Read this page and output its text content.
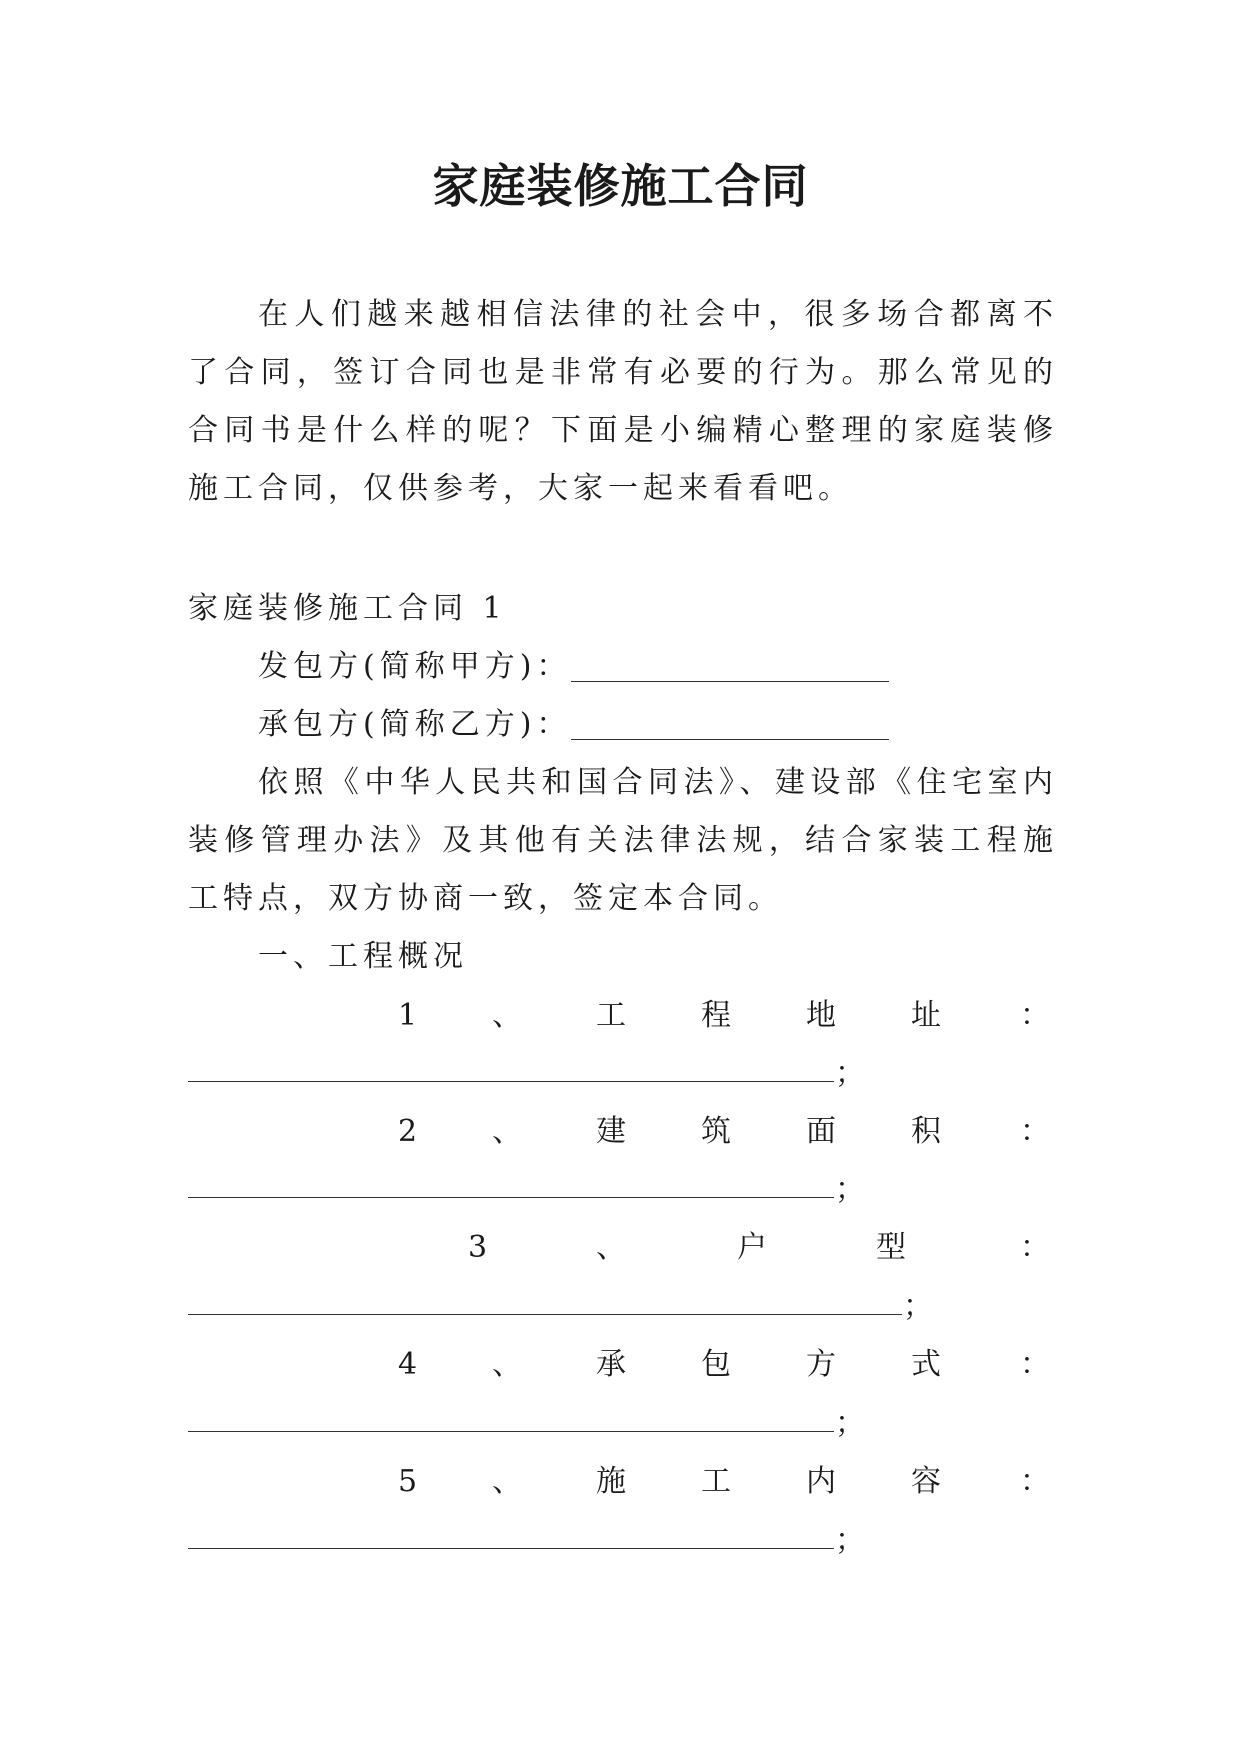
家庭装修施工合同
在人们越来越相信法律的社会中，很多场合都离不了合同，签订合同也是非常有必要的行为。那么常见的合同书是什么样的呢？下面是小编精心整理的家庭装修施工合同，仅供参考，大家一起来看看吧。
家庭装修施工合同 1
发包方(简称甲方)：
承包方(简称乙方)：
依照《中华人民共和国合同法》、建设部《住宅室内装修管理办法》及其他有关法律法规，结合家装工程施工特点，双方协商一致，签定本合同。
一、工程概况
1 、 工	程	地	址	：
；
2 、 建	筑	面	积	：
；
3	、	户	型	：
；
4 、 承	包	方	式	：
；
5 、 施	工	内	容	：
；
